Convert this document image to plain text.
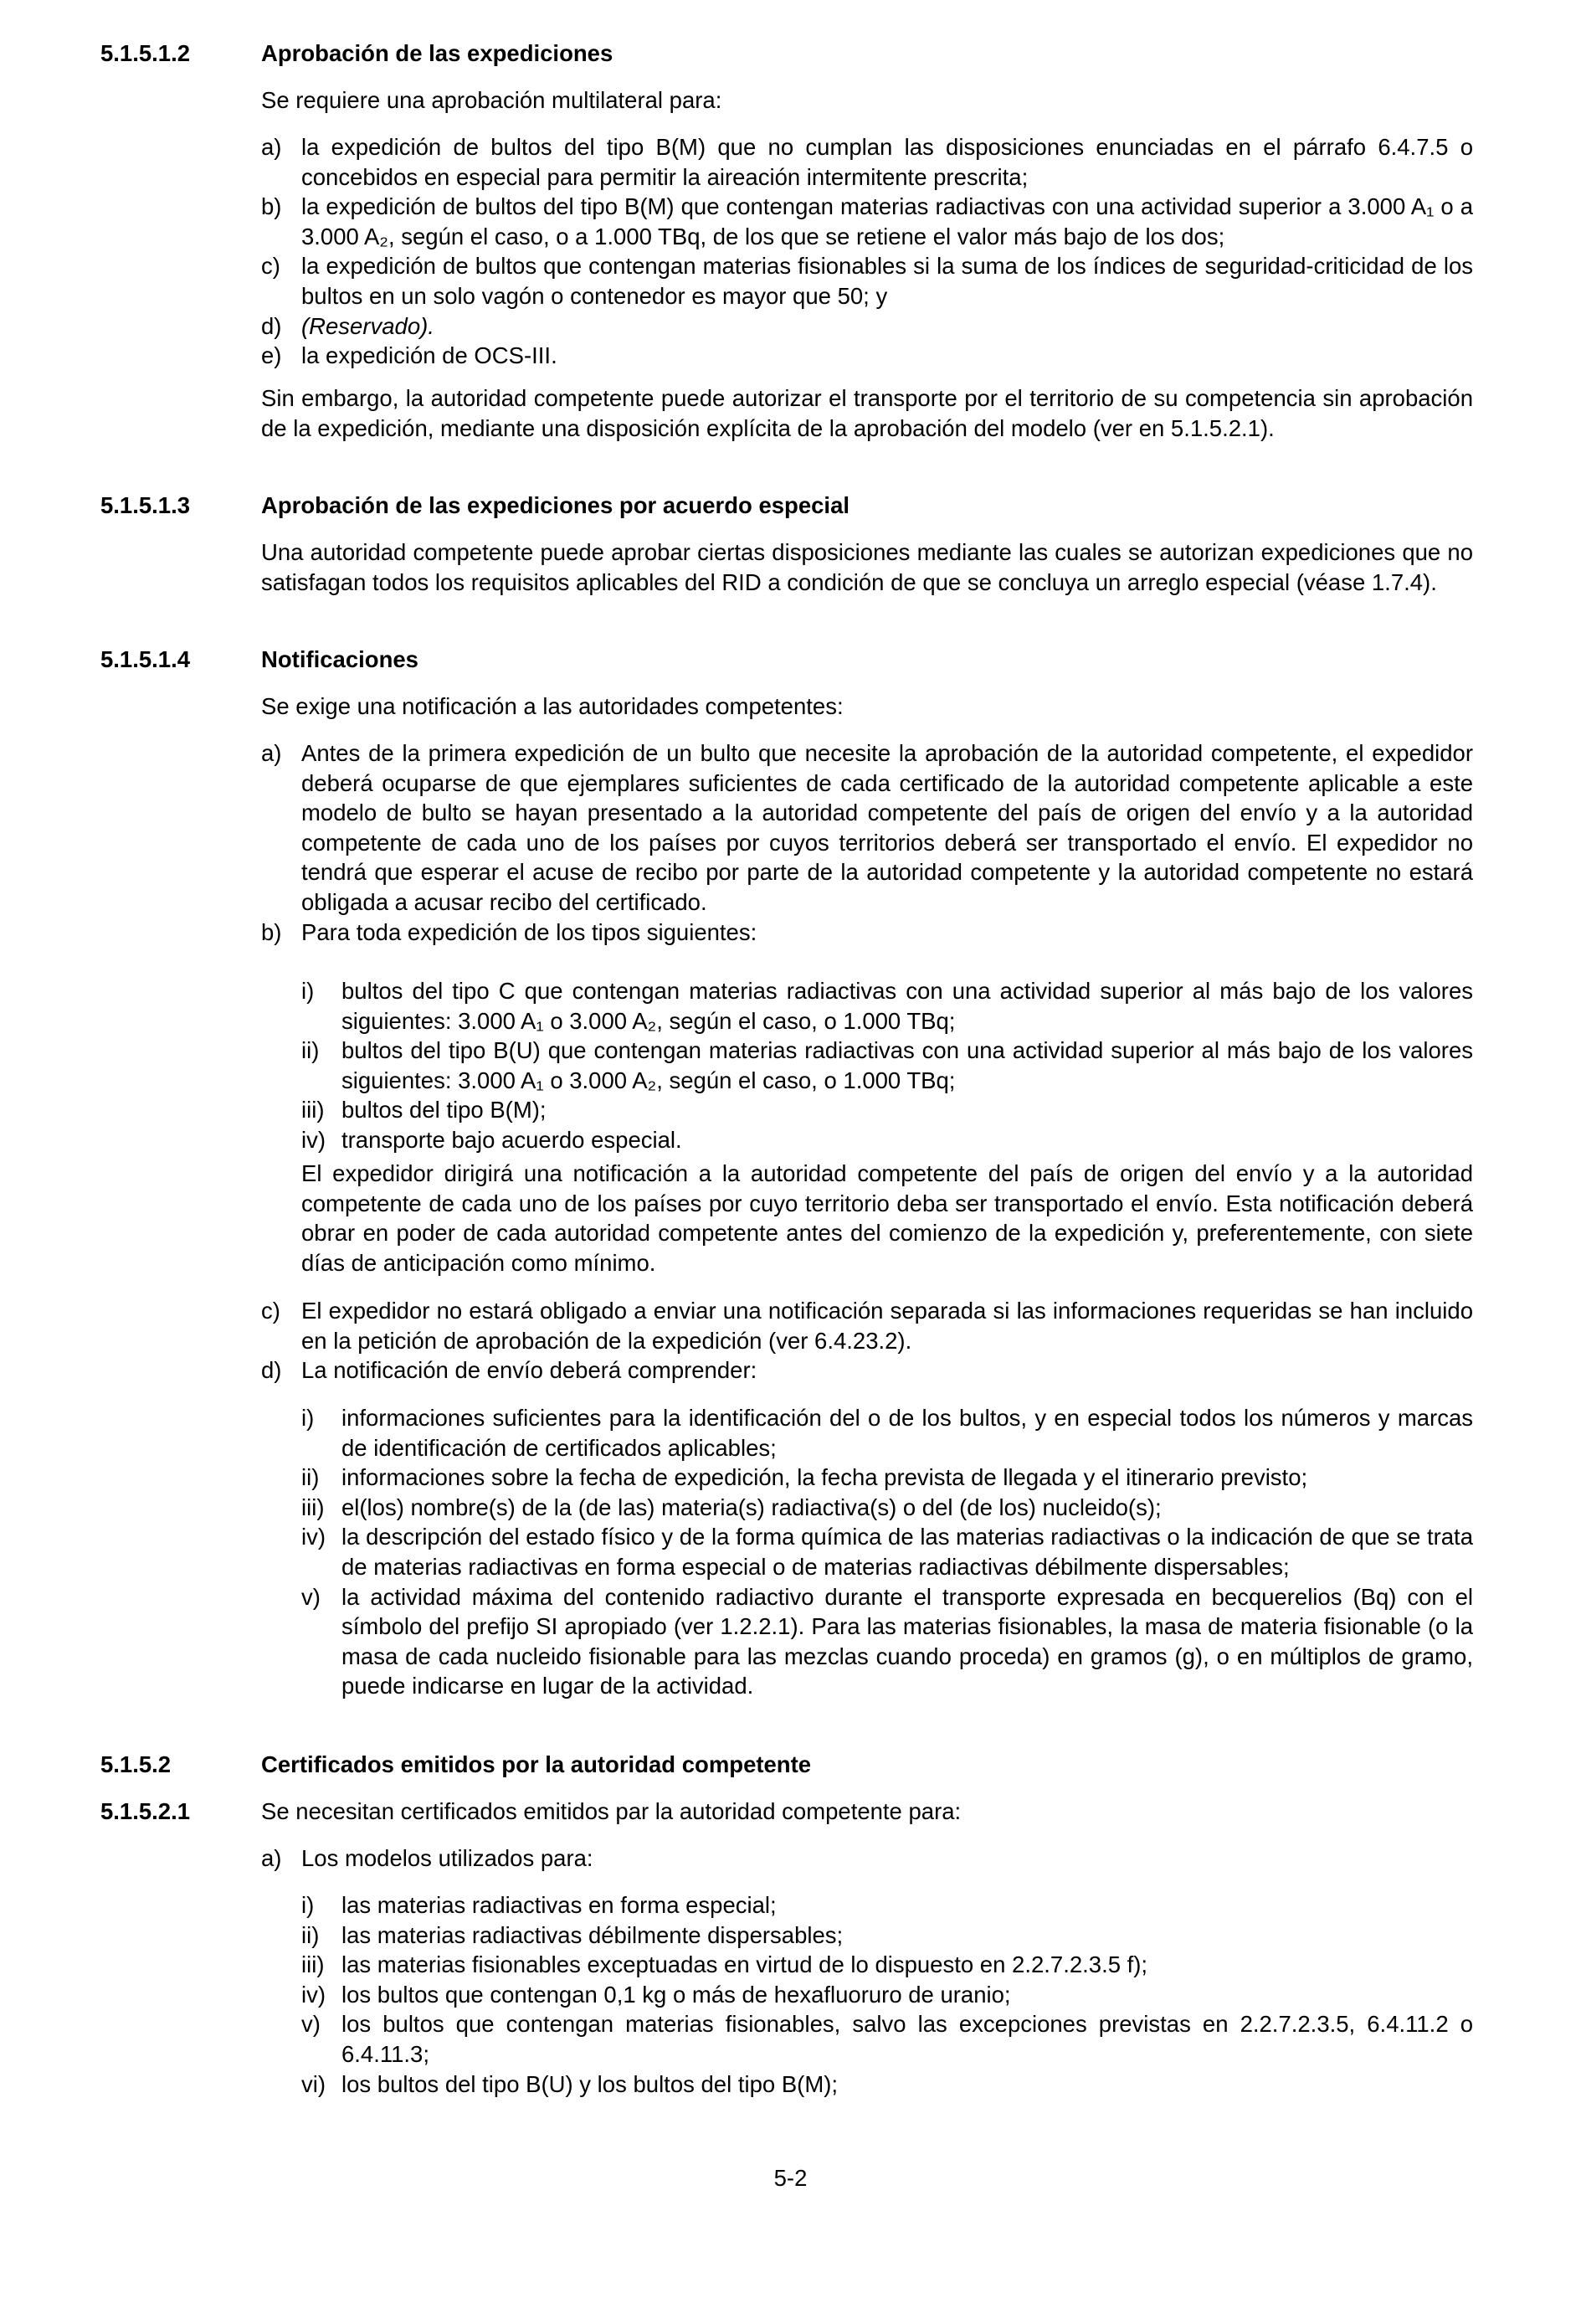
5.1.5.1.2	Aprobación de las expediciones

Se requiere una aprobación multilateral para:

a) la expedición de bultos del tipo B(M) que no cumplan las disposiciones enunciadas en el párrafo 6.4.7.5 o concebidos en especial para permitir la aireación intermitente prescrita;
b) la expedición de bultos del tipo B(M) que contengan materias radiactivas con una actividad superior a 3.000 A₁ o a 3.000 A₂, según el caso, o a 1.000 TBq, de los que se retiene el valor más bajo de los dos;
c) la expedición de bultos que contengan materias fisionables si la suma de los índices de seguridad-criticidad de los bultos en un solo vagón o contenedor es mayor que 50; y
d) (Reservado).
e) la expedición de OCS-III.

Sin embargo, la autoridad competente puede autorizar el transporte por el territorio de su competencia sin aprobación de la expedición, mediante una disposición explícita de la aprobación del modelo (ver en 5.1.5.2.1).

5.1.5.1.3	Aprobación de las expediciones por acuerdo especial

Una autoridad competente puede aprobar ciertas disposiciones mediante las cuales se autorizan expediciones que no satisfagan todos los requisitos aplicables del RID a condición de que se concluya un arreglo especial (véase 1.7.4).

5.1.5.1.4	Notificaciones

Se exige una notificación a las autoridades competentes:

a) Antes de la primera expedición de un bulto que necesite la aprobación de la autoridad competente, el expedidor deberá ocuparse de que ejemplares suficientes de cada certificado de la autoridad competente aplicable a este modelo de bulto se hayan presentado a la autoridad competente del país de origen del envío y a la autoridad competente de cada uno de los países por cuyos territorios deberá ser transportado el envío. El expedidor no tendrá que esperar el acuse de recibo por parte de la autoridad competente y la autoridad competente no estará obligada a acusar recibo del certificado.
b) Para toda expedición de los tipos siguientes:
i) bultos del tipo C que contengan materias radiactivas con una actividad superior al más bajo de los valores siguientes: 3.000 A₁ o 3.000 A₂, según el caso, o 1.000 TBq;
ii) bultos del tipo B(U) que contengan materias radiactivas con una actividad superior al más bajo de los valores siguientes: 3.000 A₁ o 3.000 A₂, según el caso, o 1.000 TBq;
iii) bultos del tipo B(M);
iv) transporte bajo acuerdo especial.

El expedidor dirigirá una notificación a la autoridad competente del país de origen del envío y a la autoridad competente de cada uno de los países por cuyo territorio deba ser transportado el envío. Esta notificación deberá obrar en poder de cada autoridad competente antes del comienzo de la expedición y, preferentemente, con siete días de anticipación como mínimo.

c) El expedidor no estará obligado a enviar una notificación separada si las informaciones requeridas se han incluido en la petición de aprobación de la expedición (ver 6.4.23.2).
d) La notificación de envío deberá comprender:
i) informaciones suficientes para la identificación del o de los bultos, y en especial todos los números y marcas de identificación de certificados aplicables;
ii) informaciones sobre la fecha de expedición, la fecha prevista de llegada y el itinerario previsto;
iii) el(los) nombre(s) de la (de las) materia(s) radiactiva(s) o del (de los) nucleido(s);
iv) la descripción del estado físico y de la forma química de las materias radiactivas o la indicación de que se trata de materias radiactivas en forma especial o de materias radiactivas débilmente dispersables;
v) la actividad máxima del contenido radiactivo durante el transporte expresada en becquerelios (Bq) con el símbolo del prefijo SI apropiado (ver 1.2.2.1). Para las materias fisionables, la masa de materia fisionable (o la masa de cada nucleido fisionable para las mezclas cuando proceda) en gramos (g), o en múltiplos de gramo, puede indicarse en lugar de la actividad.
5.1.5.2	Certificados emitidos por la autoridad competente
5.1.5.2.1	Se necesitan certificados emitidos par la autoridad competente para:

a) Los modelos utilizados para:
i) las materias radiactivas en forma especial;
ii) las materias radiactivas débilmente dispersables;
iii) las materias fisionables exceptuadas en virtud de lo dispuesto en 2.2.7.2.3.5 f);
iv) los bultos que contengan 0,1 kg o más de hexafluoruro de uranio;
v) los bultos que contengan materias fisionables, salvo las excepciones previstas en 2.2.7.2.3.5, 6.4.11.2 o 6.4.11.3;
vi) los bultos del tipo B(U) y los bultos del tipo B(M);
5-2
